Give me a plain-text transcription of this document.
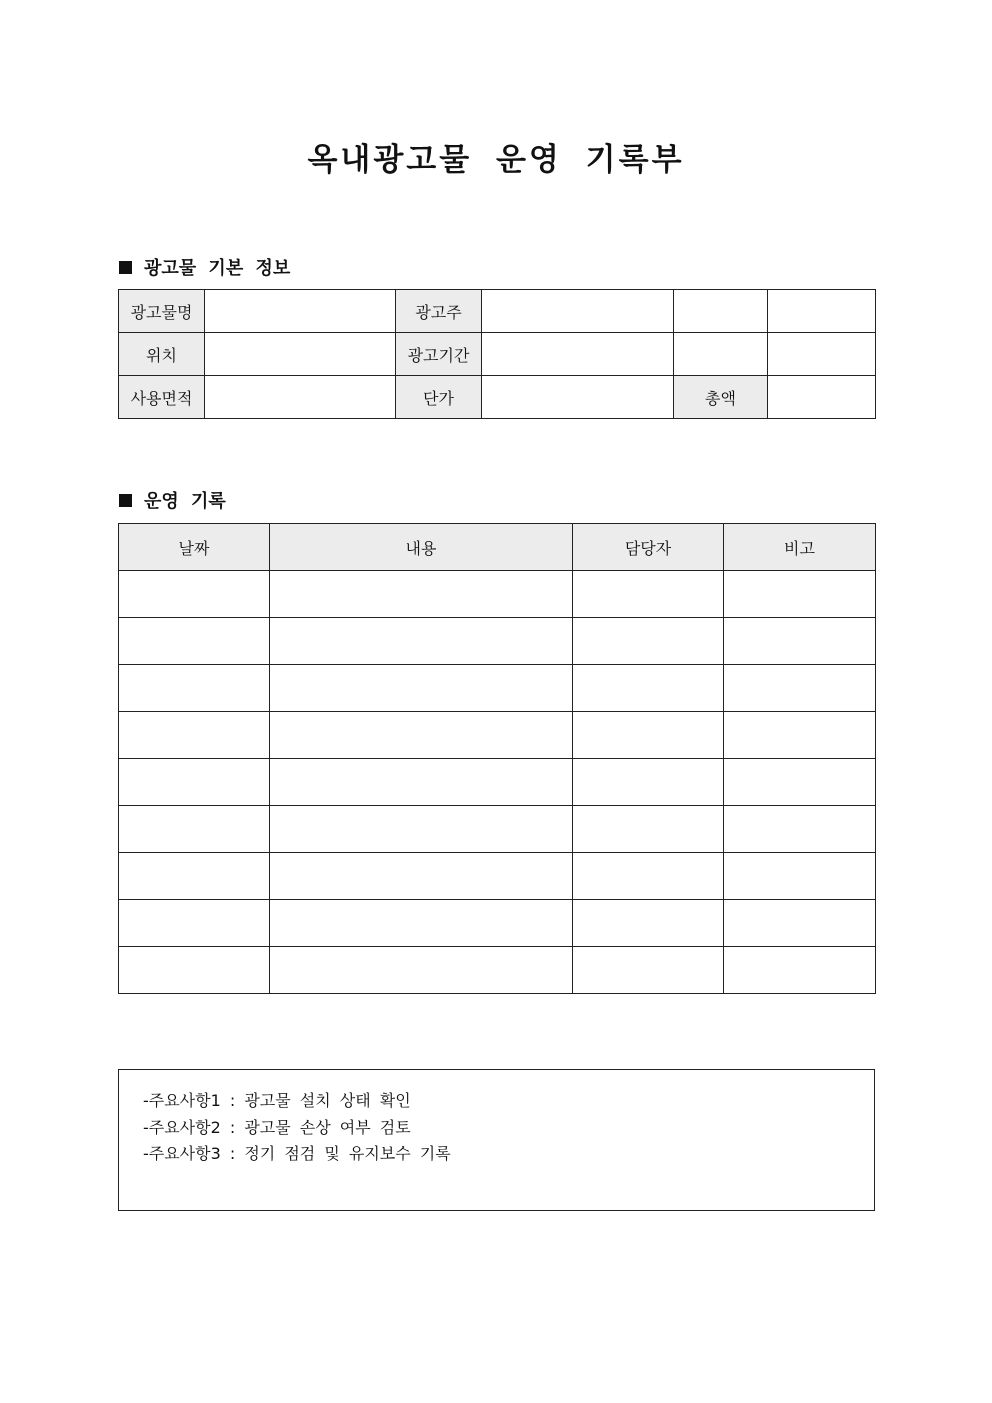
옥내광고물 운영 기록부
광고물 기본 정보
광고물명		광고주			
위치		광고기간			
사용면적		단가		총액	
운영 기록
날짜	내용	담당자	비고

-주요사항1 : 광고물 설치 상태 확인
-주요사항2 : 광고물 손상 여부 검토
-주요사항3 : 정기 점검 및 유지보수 기록
